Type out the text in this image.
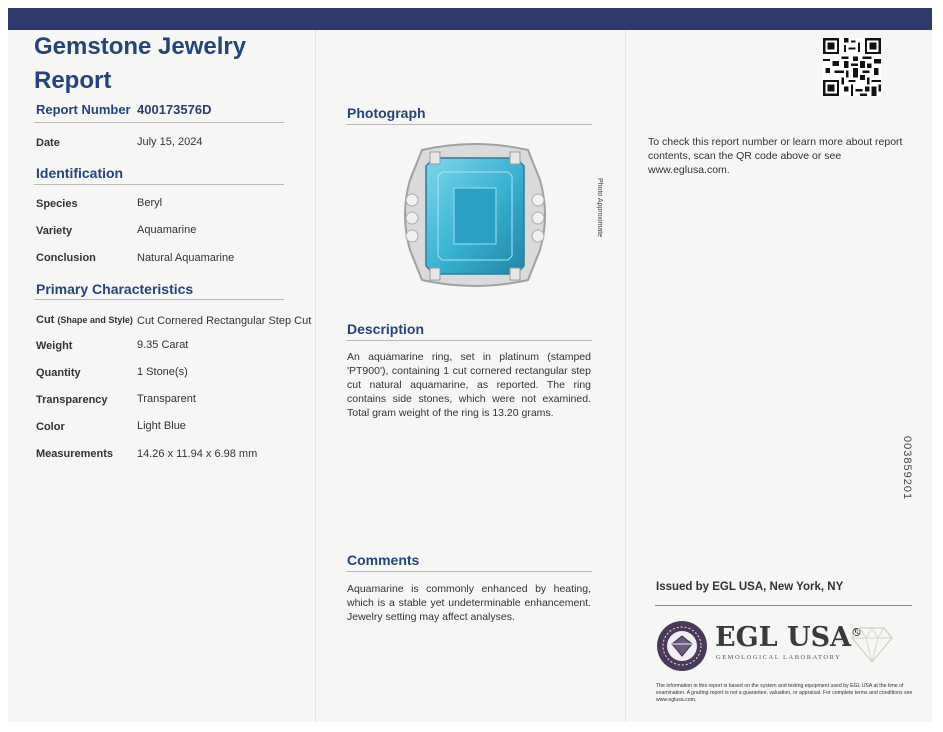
Gemstone Jewelry Report
Report Number 400173576D
Date	July 15, 2024
Identification
Species	Beryl
Variety	Aquamarine
Conclusion	Natural Aquamarine
Primary Characteristics
Cut (Shape and Style) Cut Cornered Rectangular Step Cut
Weight	9.35 Carat
Quantity	1 Stone(s)
Transparency	Transparent
Color	Light Blue
Measurements 14.26 x 11.94 x 6.98 mm
Photograph
Photo Approximate
Description
An aquamarine ring, set in platinum (stamped 'PT900'), containing 1 cut cornered rectangular step cut natural aquamarine, as reported. The ring contains side stones, which were not examined. Total gram weight of the ring is 13.20 grams.
Comments
Aquamarine is commonly enhanced by heating, which is a stable yet undeterminable enhancement. Jewelry setting may affect analyses.
To check this report number or learn more about report contents, scan the QR code above or see www.eglusa.com.
003859201
Issued by EGL USA, New York, NY
EGL USA®
GEMOLOGICAL LABORATORY
The information in this report is based on the system and testing equipment used by EGL USA at the time of examination. A grading report is not a guarantee, valuation, or appraisal. For complete terms and conditions see www.eglusa.com.
